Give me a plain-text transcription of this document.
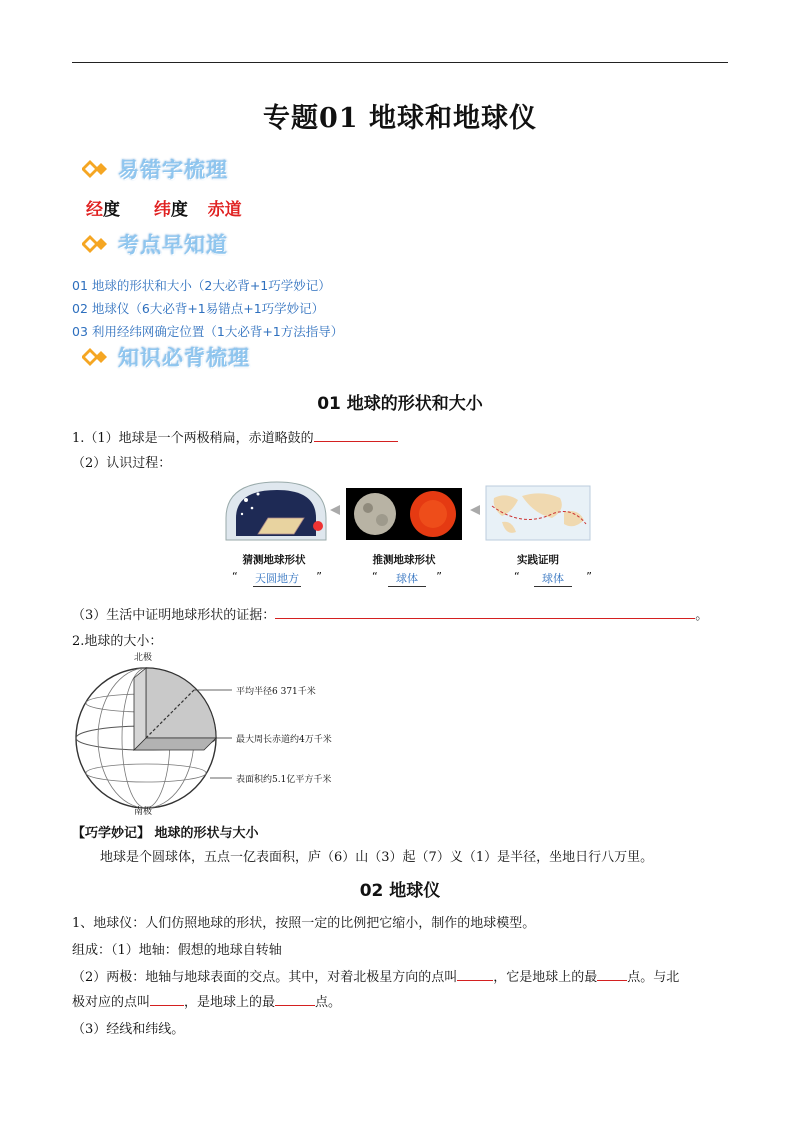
专题01 地球和地球仪
易错字梳理
经度 纬度 赤道
考点早知道
01 地球的形状和大小（2大必背+1巧学妙记）
02 地球仪（6大必背+1易错点+1巧学妙记）
03 利用经纬网确定位置（1大必背+1方法指导）
知识必背梳理
01 地球的形状和大小
1.（1）地球是一个两极稍扁，赤道略鼓的
（2）认识过程：
猜测地球形状	推测地球形状	实践证明
“ 天圆地方 ”	“	球体	”	“	球体	”
（3）生活中证明地球形状的证据：	。
2.地球的大小：
北极
南极
平均半径6 371千米
最大周长赤道约4万千米
表面积约5.1亿平方千米
【巧学妙记】 地球的形状与大小
地球是个圆球体，五点一亿表面积，庐（6）山（3）起（7）义（1）是半径，坐地日行八万里。
02 地球仪
1、地球仪：人们仿照地球的形状，按照一定的比例把它缩小，制作的地球模型。
组成：（1）地轴：假想的地球自转轴
（2）两极：地轴与地球表面的交点。其中，对着北极星方向的点叫	，它是地球上的最 点。与北
极对应的点叫	，是地球上的最	点。
（3）经线和纬线。
